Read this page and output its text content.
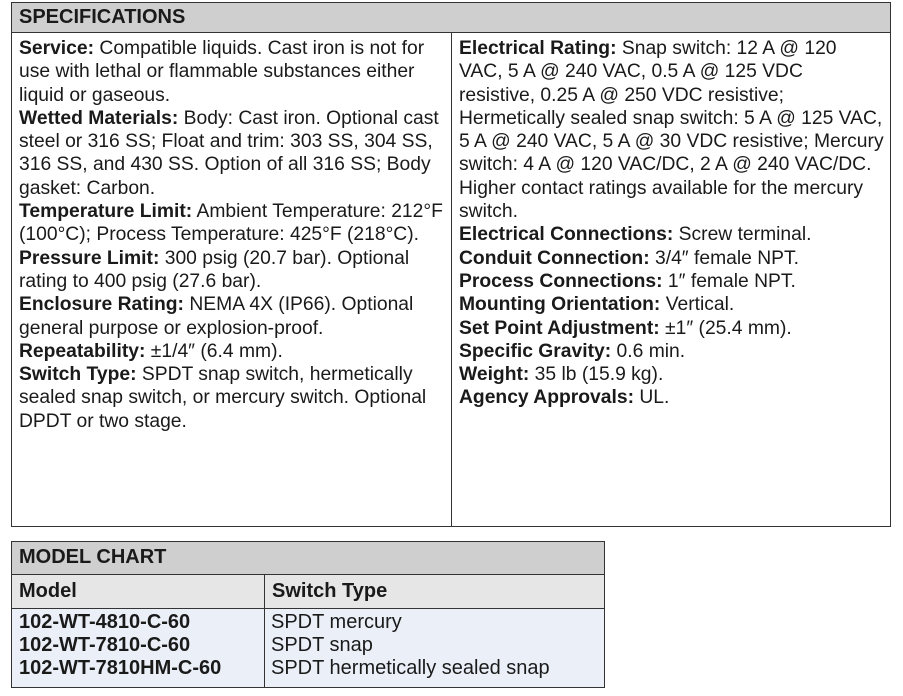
SPECIFICATIONS

Service: Compatible liquids. Cast iron is not for use with lethal or flammable substances either liquid or gaseous.

Wetted Materials: Body: Cast iron. Optional cast steel or 316 SS; Float and trim: 303 SS, 304 SS, 316 SS, and 430 SS. Option of all 316 SS; Body gasket: Carbon.

Temperature Limit: Ambient Temperature: 212°F (100°C); Process Temperature: 425°F (218°C).

Pressure Limit: 300 psig (20.7 bar). Optional rating to 400 psig (27.6 bar).

Enclosure Rating: NEMA 4X (IP66). Optional general purpose or explosion-proof.

Repeatability: ±1/4″ (6.4 mm).

Switch Type: SPDT snap switch, hermetically sealed snap switch, or mercury switch. Optional DPDT or two stage.

Electrical Rating: Snap switch: 12 A @ 120 VAC, 5 A @ 240 VAC, 0.5 A @ 125 VDC resistive, 0.25 A @ 250 VDC resistive; Hermetically sealed snap switch: 5 A @ 125 VAC, 5 A @ 240 VAC, 5 A @ 30 VDC resistive; Mercury switch: 4 A @ 120 VAC/DC, 2 A @ 240 VAC/DC. Higher contact ratings available for the mercury switch.

Electrical Connections: Screw terminal.

Conduit Connection: 3/4″ female NPT.

Process Connections: 1″ female NPT.

Mounting Orientation: Vertical.

Set Point Adjustment: ±1″ (25.4 mm).

Specific Gravity: 0.6 min.

Weight: 35 lb (15.9 kg).

Agency Approvals: UL.

MODEL CHART
Model	Switch Type
102-WT-4810-C-60	SPDT mercury
102-WT-7810-C-60	SPDT snap
102-WT-7810HM-C-60 SPDT hermetically sealed snap
